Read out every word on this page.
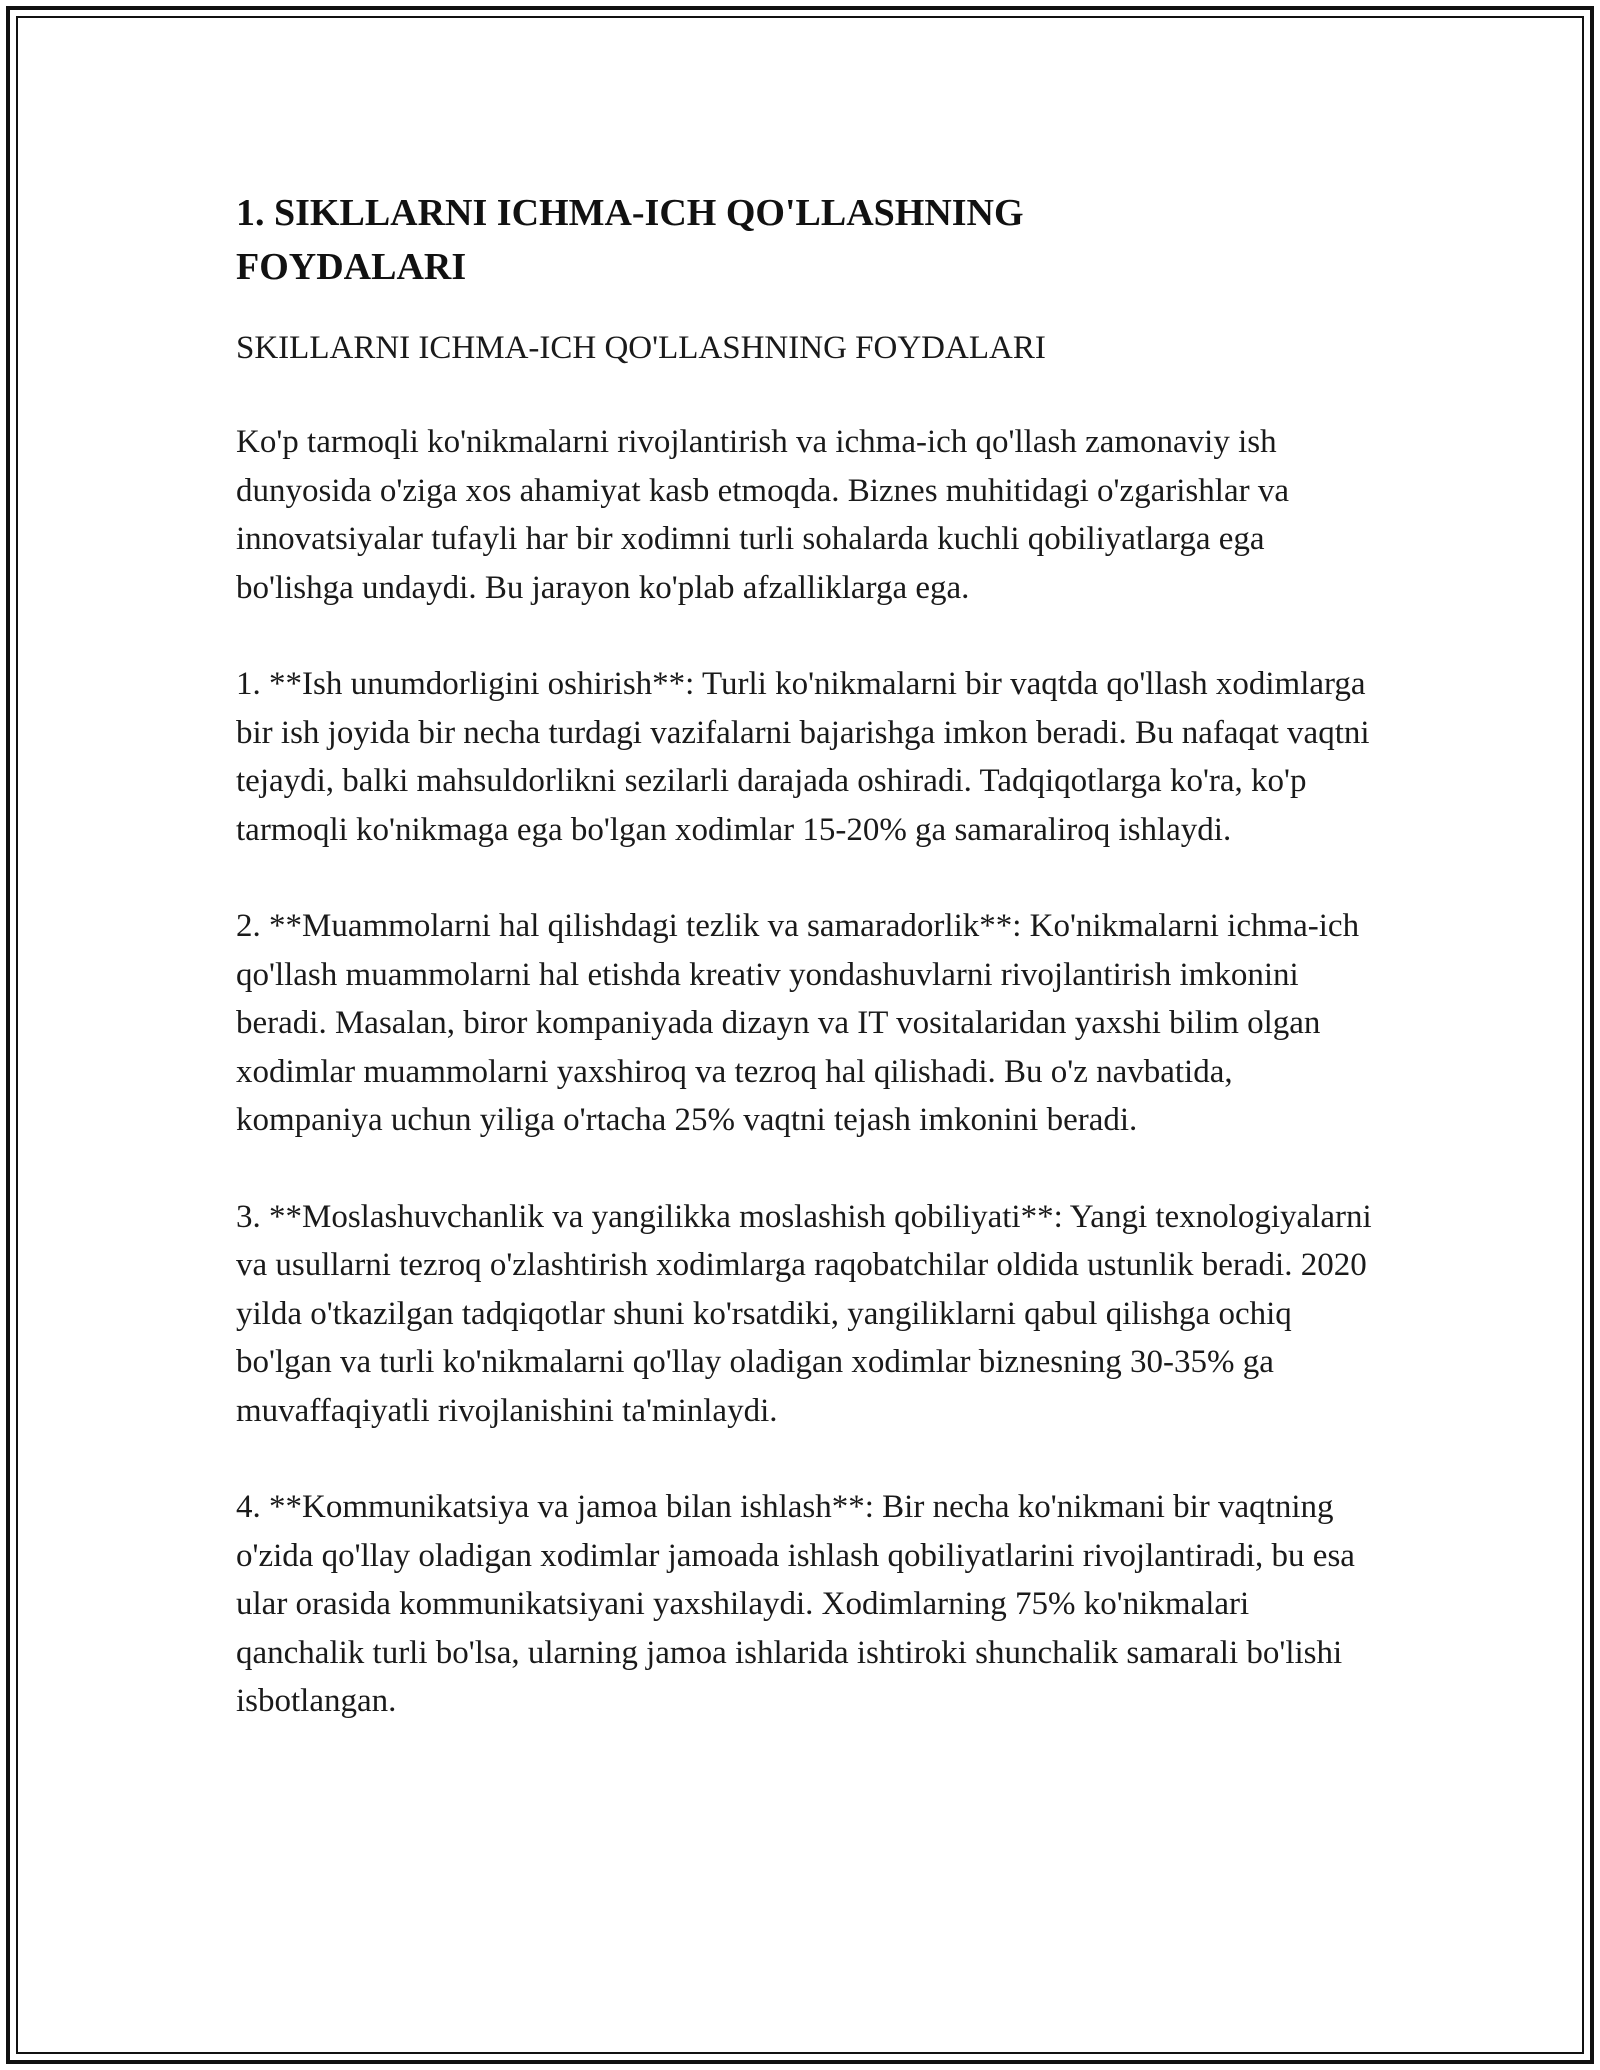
1. SIKLLARNI ICHMA-ICH QO'LLASHNING FOYDALARI

SKILLARNI ICHMA-ICH QO'LLASHNING FOYDALARI

Ko'p tarmoqli ko'nikmalarni rivojlantirish va ichma-ich qo'llash zamonaviy ish dunyosida o'ziga xos ahamiyat kasb etmoqda. Biznes muhitidagi o'zgarishlar va innovatsiyalar tufayli har bir xodimni turli sohalarda kuchli qobiliyatlarga ega bo'lishga undaydi. Bu jarayon ko'plab afzalliklarga ega.

1. **Ish unumdorligini oshirish**: Turli ko'nikmalarni bir vaqtda qo'llash xodimlarga bir ish joyida bir necha turdagi vazifalarni bajarishga imkon beradi. Bu nafaqat vaqtni tejaydi, balki mahsuldorlikni sezilarli darajada oshiradi. Tadqiqotlarga ko'ra, ko'p tarmoqli ko'nikmaga ega bo'lgan xodimlar 15-20% ga samaraliroq ishlaydi.

2. **Muammolarni hal qilishdagi tezlik va samaradorlik**: Ko'nikmalarni ichma-ich qo'llash muammolarni hal etishda kreativ yondashuvlarni rivojlantirish imkonini beradi. Masalan, biror kompaniyada dizayn va IT vositalaridan yaxshi bilim olgan xodimlar muammolarni yaxshiroq va tezroq hal qilishadi. Bu o'z navbatida, kompaniya uchun yiliga o'rtacha 25% vaqtni tejash imkonini beradi.

3. **Moslashuvchanlik va yangilikka moslashish qobiliyati**: Yangi texnologiyalarni va usullarni tezroq o'zlashtirish xodimlarga raqobatchilar oldida ustunlik beradi. 2020 yilda o'tkazilgan tadqiqotlar shuni ko'rsatdiki, yangiliklarni qabul qilishga ochiq bo'lgan va turli ko'nikmalarni qo'llay oladigan xodimlar biznesning 30-35% ga muvaffaqiyatli rivojlanishini ta'minlaydi.

4. **Kommunikatsiya va jamoa bilan ishlash**: Bir necha ko'nikmani bir vaqtning o'zida qo'llay oladigan xodimlar jamoada ishlash qobiliyatlarini rivojlantiradi, bu esa ular orasida kommunikatsiyani yaxshilaydi. Xodimlarning 75% ko'nikmalari qanchalik turli bo'lsa, ularning jamoa ishlarida ishtiroki shunchalik samarali bo'lishi isbotlangan.
